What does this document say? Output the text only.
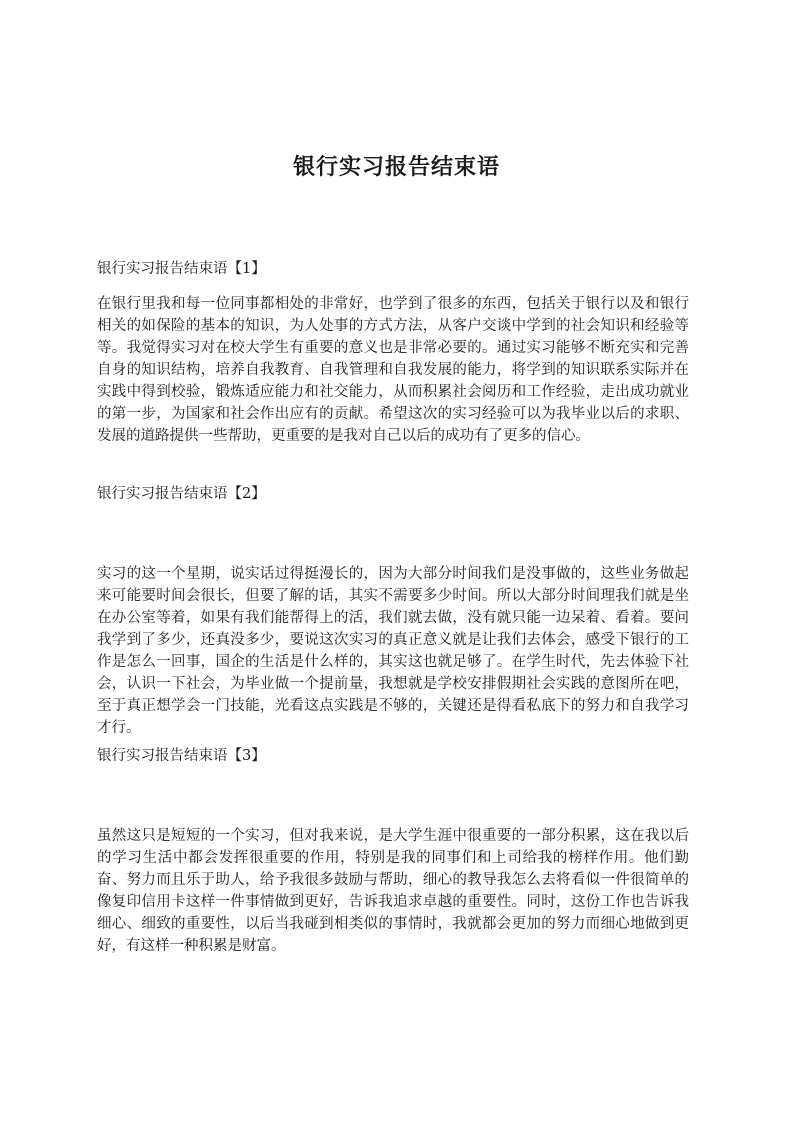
银行实习报告结束语

银行实习报告结束语【1】

在银行里我和每一位同事都相处的非常好，也学到了很多的东西，包括关于银行以及和银行相关的如保险的基本的知识，为人处事的方式方法，从客户交谈中学到的社会知识和经验等等。我觉得实习对在校大学生有重要的意义也是非常必要的。通过实习能够不断充实和完善自身的知识结构，培养自我教育、自我管理和自我发展的能力，将学到的知识联系实际并在实践中得到校验，锻炼适应能力和社交能力，从而积累社会阅历和工作经验，走出成功就业的第一步，为国家和社会作出应有的贡献。希望这次的实习经验可以为我毕业以后的求职、发展的道路提供一些帮助，更重要的是我对自己以后的成功有了更多的信心。

银行实习报告结束语【2】

实习的这一个星期，说实话过得挺漫长的，因为大部分时间我们是没事做的，这些业务做起来可能要时间会很长，但要了解的话，其实不需要多少时间。所以大部分时间理我们就是坐在办公室等着，如果有我们能帮得上的活，我们就去做，没有就只能一边呆着、看着。要问我学到了多少，还真没多少，要说这次实习的真正意义就是让我们去体会，感受下银行的工作是怎么一回事，国企的生活是什么样的，其实这也就足够了。在学生时代，先去体验下社会，认识一下社会，为毕业做一个提前量，我想就是学校安排假期社会实践的意图所在吧，至于真正想学会一门技能，光看这点实践是不够的，关键还是得看私底下的努力和自我学习才行。

银行实习报告结束语【3】

虽然这只是短短的一个实习，但对我来说，是大学生涯中很重要的一部分积累，这在我以后的学习生活中都会发挥很重要的作用，特别是我的同事们和上司给我的榜样作用。他们勤奋、努力而且乐于助人，给予我很多鼓励与帮助，细心的教导我怎么去将看似一件很简单的像复印信用卡这样一件事情做到更好，告诉我追求卓越的重要性。同时，这份工作也告诉我细心、细致的重要性，以后当我碰到相类似的事情时，我就都会更加的努力而细心地做到更好，有这样一种积累是财富。
